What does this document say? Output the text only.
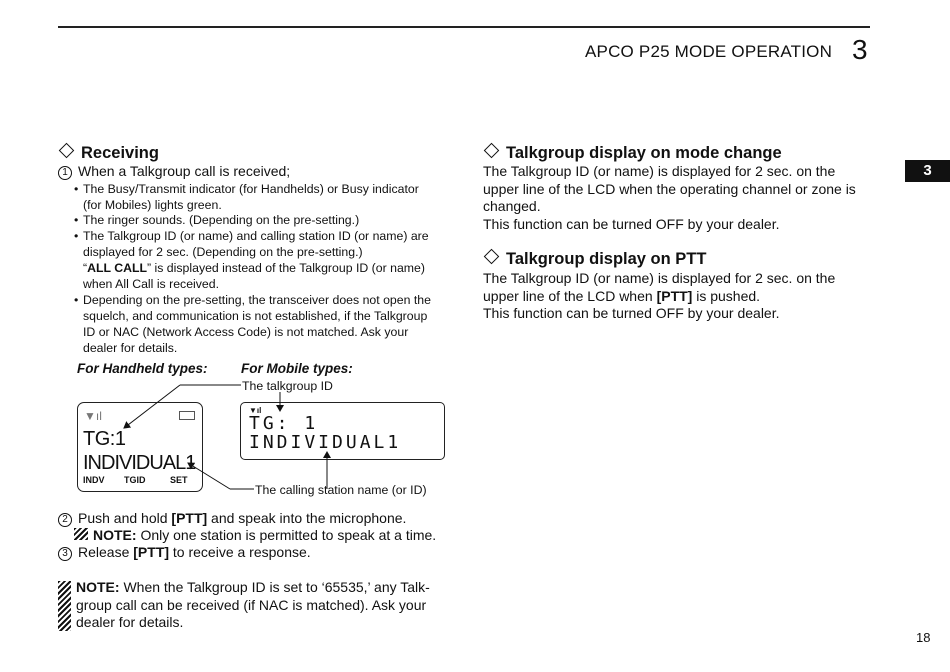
APCO P25 MODE OPERATION 3
3
Receiving
1 When a Talkgroup call is received;
• The Busy/Transmit indicator (for Handhelds) or Busy indicator
(for Mobiles) lights green.
• The ringer sounds. (Depending on the pre-setting.)
• The Talkgroup ID (or name) and calling station ID (or name) are
displayed for 2 sec. (Depending on the pre-setting.)
“ALL CALL” is displayed instead of the Talkgroup ID (or name)
when All Call is received.
• Depending on the pre-setting, the transceiver does not open the
squelch, and communication is not established, if the Talkgroup
ID or NAC (Network Access Code) is not matched. Ask your
dealer for details.
For Handheld types: For Mobile types:
The talkgroup ID
The calling station name (or ID)
▼ıl
TG:1
INDIVIDUAL1
INDV TGID	SET
▼ıl
TG: 1
INDIVIDUAL1
2 Push and hold [PTT] and speak into the microphone.
NOTE: Only one station is permitted to speak at a time.
3 Release [PTT] to receive a response.
NOTE: When the Talkgroup ID is set to ‘65535,’ any Talk-
group call can be received (if NAC is matched). Ask your
dealer for details.
Talkgroup display on mode change
The Talkgroup ID (or name) is displayed for 2 sec. on the
upper line of the LCD when the operating channel or zone is
changed.
This function can be turned OFF by your dealer.
Talkgroup display on PTT
The Talkgroup ID (or name) is displayed for 2 sec. on the
upper line of the LCD when [PTT] is pushed.
This function can be turned OFF by your dealer.
18
